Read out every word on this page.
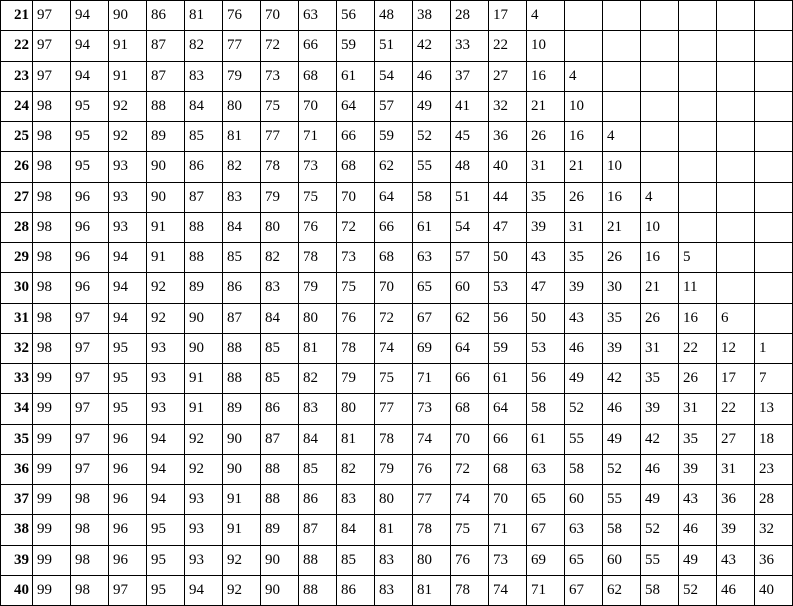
21	97	94	90	86	81	76	70	63	56	48	38	28	17	4						
22	97	94	91	87	82	77	72	66	59	51	42	33	22	10						
23	97	94	91	87	83	79	73	68	61	54	46	37	27	16	4					
24	98	95	92	88	84	80	75	70	64	57	49	41	32	21	10					
25	98	95	92	89	85	81	77	71	66	59	52	45	36	26	16	4				
26	98	95	93	90	86	82	78	73	68	62	55	48	40	31	21	10				
27	98	96	93	90	87	83	79	75	70	64	58	51	44	35	26	16	4			
28	98	96	93	91	88	84	80	76	72	66	61	54	47	39	31	21	10			
29	98	96	94	91	88	85	82	78	73	68	63	57	50	43	35	26	16	5		
30	98	96	94	92	89	86	83	79	75	70	65	60	53	47	39	30	21	11		
31	98	97	94	92	90	87	84	80	76	72	67	62	56	50	43	35	26	16	6	
32	98	97	95	93	90	88	85	81	78	74	69	64	59	53	46	39	31	22	12	1
33	99	97	95	93	91	88	85	82	79	75	71	66	61	56	49	42	35	26	17	7
34	99	97	95	93	91	89	86	83	80	77	73	68	64	58	52	46	39	31	22	13
35	99	97	96	94	92	90	87	84	81	78	74	70	66	61	55	49	42	35	27	18
36	99	97	96	94	92	90	88	85	82	79	76	72	68	63	58	52	46	39	31	23
37	99	98	96	94	93	91	88	86	83	80	77	74	70	65	60	55	49	43	36	28
38	99	98	96	95	93	91	89	87	84	81	78	75	71	67	63	58	52	46	39	32
39	99	98	96	95	93	92	90	88	85	83	80	76	73	69	65	60	55	49	43	36
40	99	98	97	95	94	92	90	88	86	83	81	78	74	71	67	62	58	52	46	40
